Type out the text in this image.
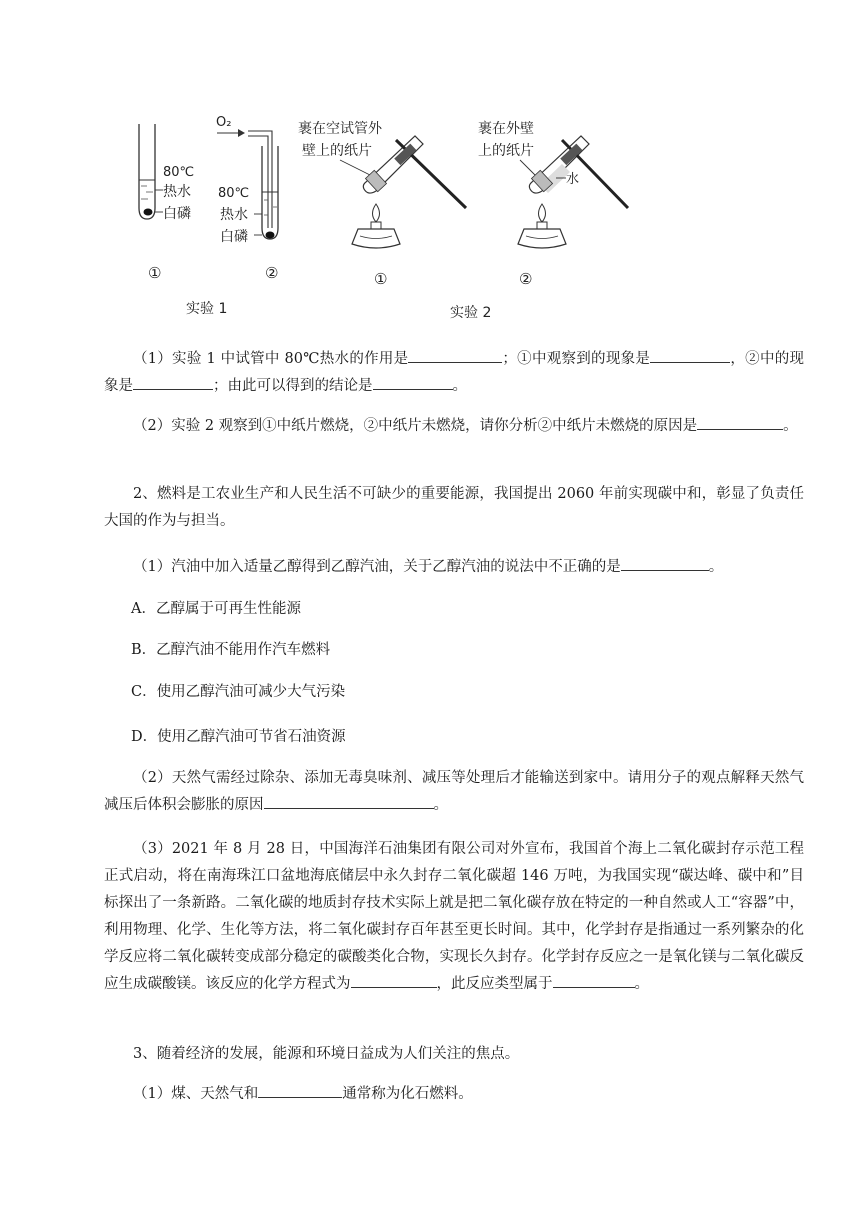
80℃
热水
白磷
①
O₂
80℃
热水
白磷
②
实验 1
裹在空试管外
壁上的纸片
①
裹在外壁
上的纸片
水
②
实验 2

（1）实验 1 中试管中 80℃热水的作用是	；①中观察到的现象是	，②中的现象是	；由此可以得到的结论是	。

（2）实验 2 观察到①中纸片燃烧，②中纸片未燃烧，请你分析②中纸片未燃烧的原因是	。

2、燃料是工农业生产和人民生活不可缺少的重要能源，我国提出 2060 年前实现碳中和，彰显了负责任大国的作为与担当。

（1）汽油中加入适量乙醇得到乙醇汽油，关于乙醇汽油的说法中不正确的是	。

A．乙醇属于可再生性能源

B．乙醇汽油不能用作汽车燃料

C．使用乙醇汽油可减少大气污染

D．使用乙醇汽油可节省石油资源

（2）天然气需经过除杂、添加无毒臭味剂、减压等处理后才能输送到家中。请用分子的观点解释天然气减压后体积会膨胀的原因	。

（3）2021 年 8 月 28 日，中国海洋石油集团有限公司对外宣布，我国首个海上二氧化碳封存示范工程正式启动，将在南海珠江口盆地海底储层中永久封存二氧化碳超 146 万吨，为我国实现“碳达峰、碳中和”目标探出了一条新路。二氧化碳的地质封存技术实际上就是把二氧化碳存放在特定的一种自然或人工“容器”中，利用物理、化学、生化等方法，将二氧化碳封存百年甚至更长时间。其中，化学封存是指通过一系列繁杂的化学反应将二氧化碳转变成部分稳定的碳酸类化合物，实现长久封存。化学封存反应之一是氧化镁与二氧化碳反应生成碳酸镁。该反应的化学方程式为	，此反应类型属于	。

3、随着经济的发展，能源和环境日益成为人们关注的焦点。

（1）煤、天然气和	通常称为化石燃料。
